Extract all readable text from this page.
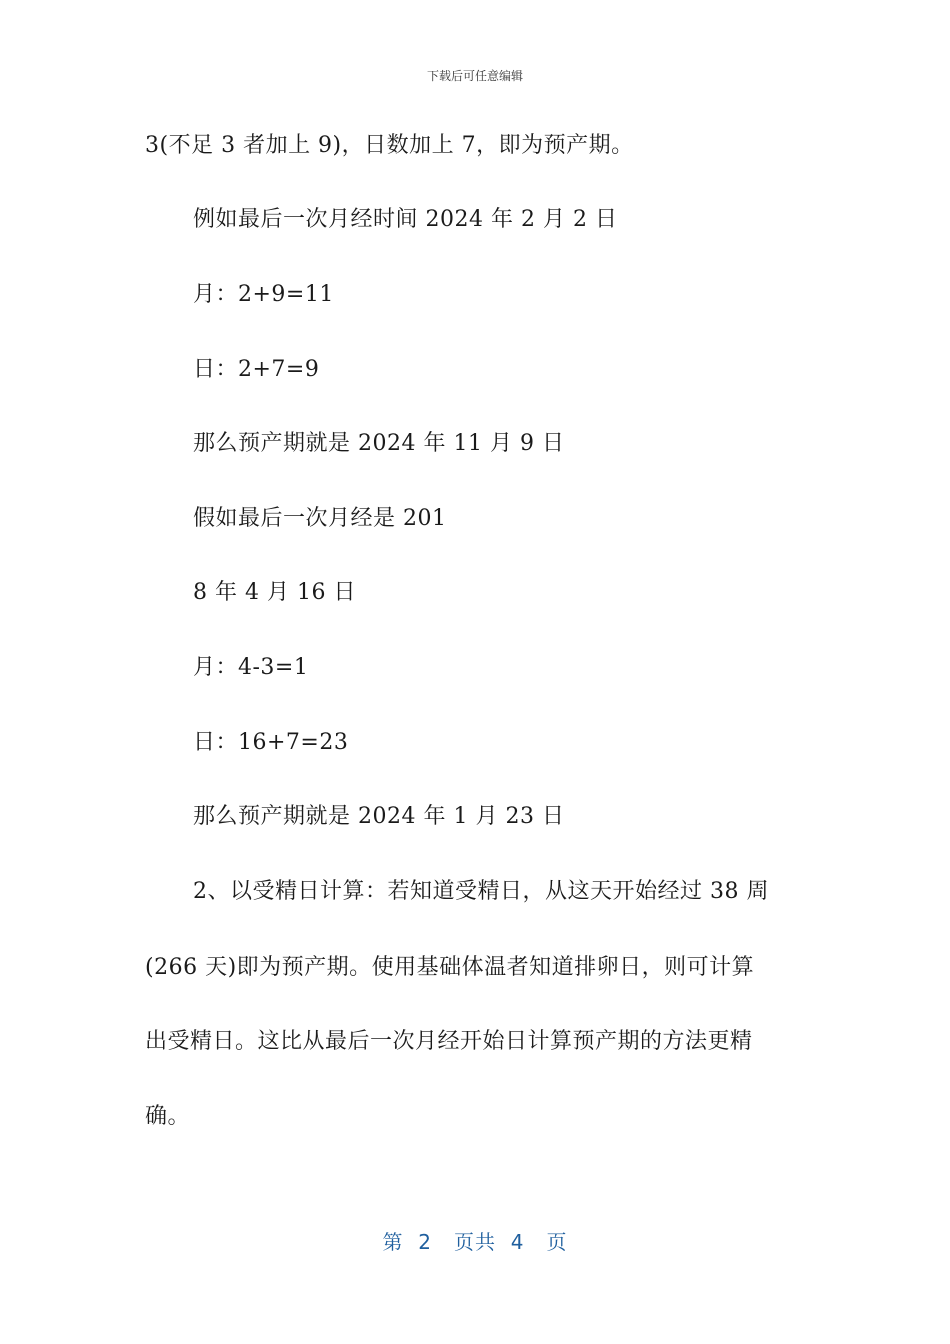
下载后可任意编辑
3(不足 3 者加上 9)，日数加上 7，即为预产期。
例如最后一次月经时间 2024 年 2 月 2 日
月：2+9=11
日：2+7=9
那么预产期就是 2024 年 11 月 9 日
假如最后一次月经是 201
8 年 4 月 16 日
月：4-3=1
日：16+7=23
那么预产期就是 2024 年 1 月 23 日
2、以受精日计算：若知道受精日，从这天开始经过 38 周
(266 天)即为预产期。使用基础体温者知道排卵日，则可计算
出受精日。这比从最后一次月经开始日计算预产期的方法更精
确。
第 2 页共 4 页
